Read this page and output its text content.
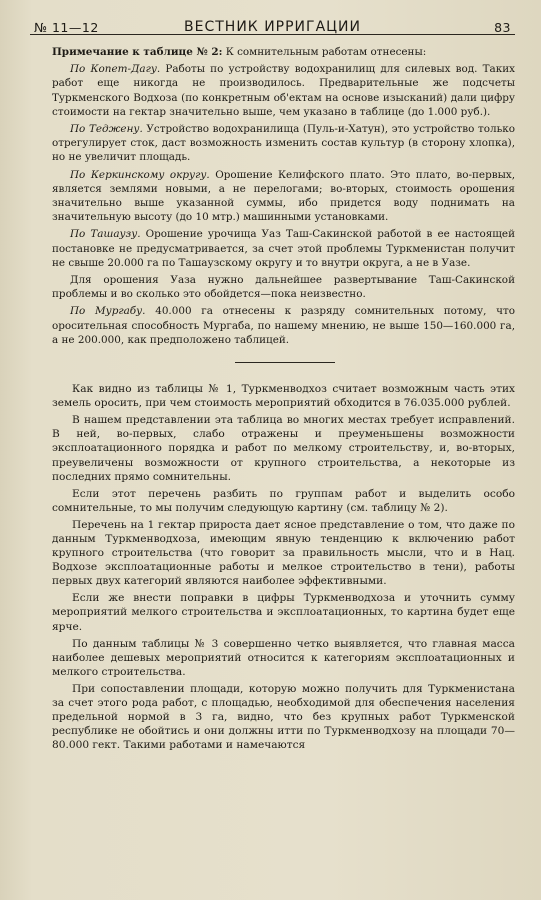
№ 11—12	ВЕСТНИК ИРРИГАЦИИ	83

Примечание к таблице № 2: К сомнительным работам отнесены:

По Копет-Дагу. Работы по устройству водохранилищ для силевых вод. Таких работ еще никогда не производилось. Предварительные же подсчеты Туркменского Водхоза (по конкретным об'ектам на основе изысканий) дали цифру стоимости на гектар значительно выше, чем указано в таблице (до 1.000 руб.).

По Теджену. Устройство водохранилища (Пуль-и-Хатун), это устройство только отрегулирует сток, даст возможность изменить состав культур (в сторону хлопка), но не увеличит площадь.

По Керкинскому округу. Орошение Келифского плато. Это плато, во-первых, является землями новыми, а не перелогами; во-вторых, стоимость орошения значительно выше указанной суммы, ибо придется воду поднимать на значительную высоту (до 10 мтр.) машинными установками.

По Ташаузу. Орошение урочища Уаз Таш-Сакинской работой в ее настоящей постановке не предусматривается, за счет этой проблемы Туркменистан получит не свыше 20.000 га по Ташаузскому округу и то внутри округа, а не в Уазе.

Для орошения Уаза нужно дальнейшее развертывание Таш-Сакинской проблемы и во сколько это обойдется—пока неизвестно.

По Мургабу. 40.000 га отнесены к разряду сомнительных потому, что оросительная способность Мургаба, по нашему мнению, не выше 150—160.000 га, а не 200.000, как предположено таблицей.

Как видно из таблицы № 1, Туркменводхоз считает возможным часть этих земель оросить, при чем стоимость мероприятий обходится в 76.035.000 рублей.

В нашем представлении эта таблица во многих местах требует исправлений. В ней, во-первых, слабо отражены и преуменьшены возможности эксплоатационного порядка и работ по мелкому строительству, и, во-вторых, преувеличены возможности от крупного строительства, а некоторые из последних прямо сомнительны.

Если этот перечень разбить по группам работ и выделить особо сомнительные, то мы получим следующую картину (см. таблицу № 2).

Перечень на 1 гектар прироста дает ясное представление о том, что даже по данным Туркменводхоза, имеющим явную тенденцию к включению работ крупного строительства (что говорит за правильность мысли, что и в Нац. Водхозе эксплоатационные работы и мелкое строительство в тени), работы первых двух категорий являются наиболее эффективными.

Если же внести поправки в цифры Туркменводхоза и уточнить сумму мероприятий мелкого строительства и эксплоатационных, то картина будет еще ярче.

По данным таблицы № 3 совершенно четко выявляется, что главная масса наиболее дешевых мероприятий относится к категориям эксплоатационных и мелкого строительства.

При сопоставлении площади, которую можно получить для Туркменистана за счет этого рода работ, с площадью, необходимой для обеспечения населения предельной нормой в 3 га, видно, что без крупных работ Туркменской республике не обойтись и они должны итти по Туркменводхозу на площади 70—80.000 гект. Такими работами и намечаются
